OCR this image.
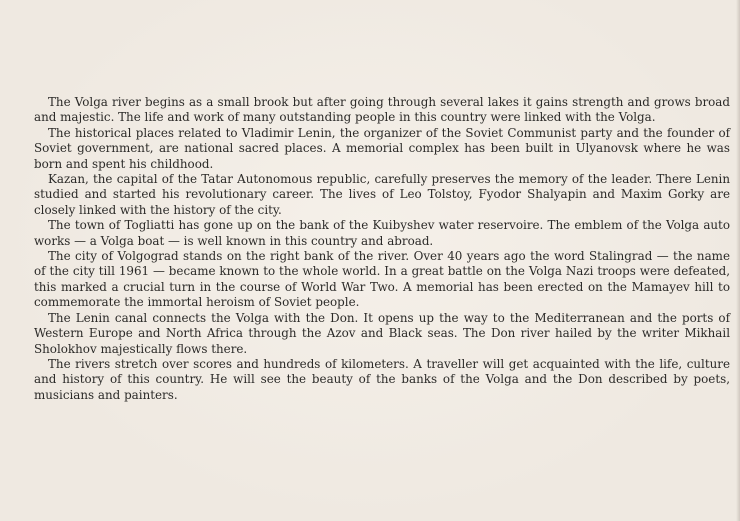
The Volga river begins as a small brook but after going through several lakes it gains strength and grows broad and majestic. The life and work of many outstanding people in this country were linked with the Volga.

The historical places related to Vladimir Lenin, the organizer of the Soviet Communist party and the founder of Soviet government, are national sacred places. A memorial complex has been built in Ulyanovsk where he was born and spent his childhood.

Kazan, the capital of the Tatar Autonomous republic, carefully preserves the memory of the leader. There Lenin studied and started his revolutionary career. The lives of Leo Tolstoy, Fyodor Shalyapin and Maxim Gorky are closely linked with the history of the city.

The town of Togliatti has gone up on the bank of the Kuibyshev water reservoire. The emblem of the Volga auto works — a Volga boat — is well known in this country and abroad.

The city of Volgograd stands on the right bank of the river. Over 40 years ago the word Stalingrad — the name of the city till 1961 — became known to the whole world. In a great battle on the Volga Nazi troops were defeated, this marked a crucial turn in the course of World War Two. A memorial has been erected on the Mamayev hill to commemorate the immortal heroism of Soviet people.

The Lenin canal connects the Volga with the Don. It opens up the way to the Mediterranean and the ports of Western Europe and North Africa through the Azov and Black seas. The Don river hailed by the writer Mikhail Sholokhov majestically flows there.

The rivers stretch over scores and hundreds of kilometers. A traveller will get acquainted with the life, culture and history of this country. He will see the beauty of the banks of the Volga and the Don described by poets, musicians and painters.
